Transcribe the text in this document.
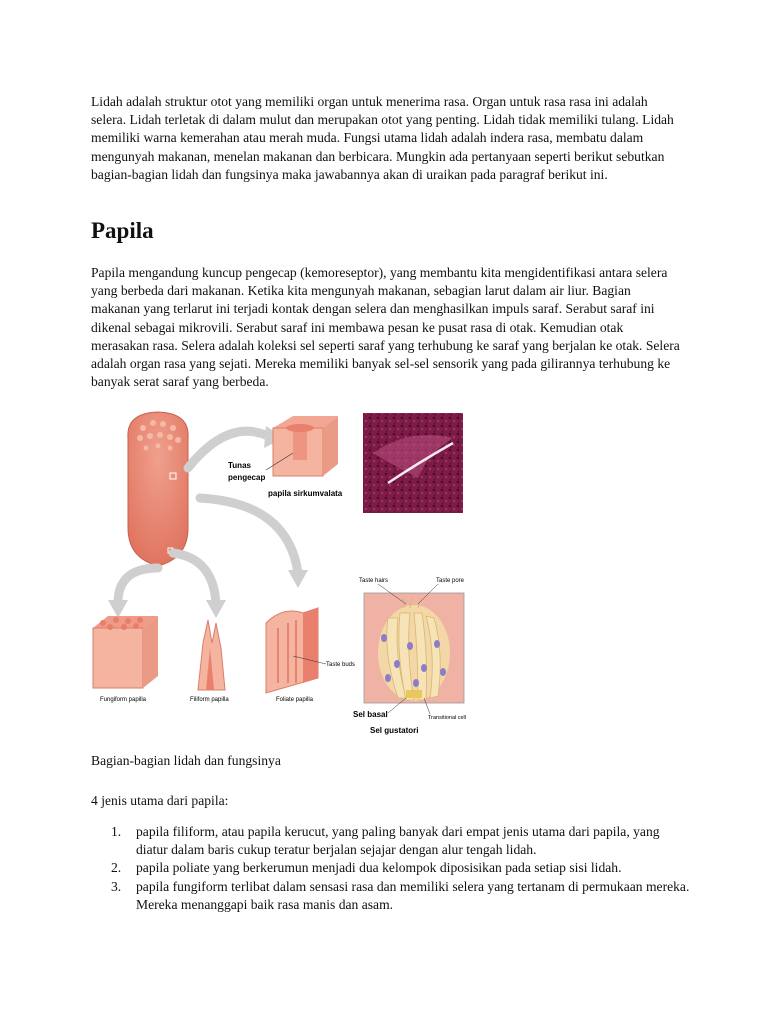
Lidah adalah struktur otot yang memiliki organ untuk menerima rasa. Organ untuk rasa rasa ini adalah selera. Lidah terletak di dalam mulut dan merupakan otot yang penting. Lidah tidak memiliki tulang. Lidah memiliki warna kemerahan atau merah muda. Fungsi utama lidah adalah indera rasa, membatu dalam mengunyah makanan, menelan makanan dan berbicara. Mungkin ada pertanyaan seperti berikut sebutkan bagian-bagian lidah dan fungsinya maka jawabannya akan di uraikan pada paragraf berikut ini.

Papila

Papila mengandung kuncup pengecap (kemoreseptor), yang membantu kita mengidentifikasi antara selera yang berbeda dari makanan. Ketika kita mengunyah makanan, sebagian larut dalam air liur. Bagian makanan yang terlarut ini terjadi kontak dengan selera dan menghasilkan impuls saraf. Serabut saraf ini dikenal sebagai mikrovili. Serabut saraf ini membawa pesan ke pusat rasa di otak. Kemudian otak merasakan rasa. Selera adalah koleksi sel seperti saraf yang terhubung ke saraf yang berjalan ke otak. Selera adalah organ rasa yang sejati. Mereka memiliki banyak sel-sel sensorik yang pada gilirannya terhubung ke banyak serat saraf yang berbeda.

Tunas
pengecap
papila sirkumvalata
Fungiform papilla	Filiform papilla
Taste buds
Foliate papilla
Taste hairs	Taste pore
Sel basal	Transitional cell
Sel gustatori
Bagian-bagian lidah dan fungsinya
4 jenis utama dari papila:
1. papila filiform, atau papila kerucut, yang paling banyak dari empat jenis utama dari papila, yang diatur dalam baris cukup teratur berjalan sejajar dengan alur tengah lidah.
2. papila poliate yang berkerumun menjadi dua kelompok diposisikan pada setiap sisi lidah.
3. papila fungiform terlibat dalam sensasi rasa dan memiliki selera yang tertanam di permukaan mereka. Mereka menanggapi baik rasa manis dan asam.
